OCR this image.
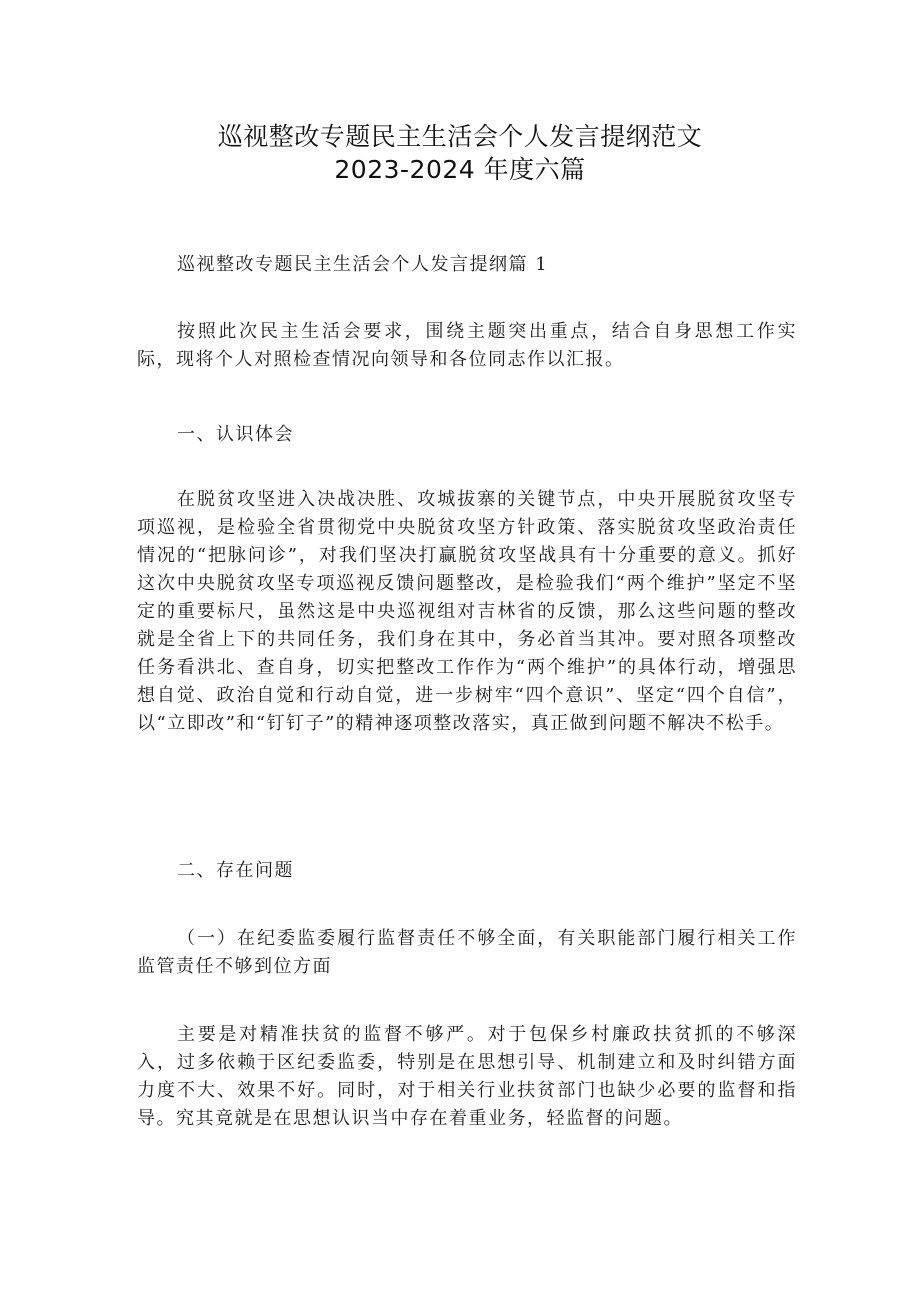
巡视整改专题民主生活会个人发言提纲范文
2023-2024 年度六篇

巡视整改专题民主生活会个人发言提纲篇 1

按照此次民主生活会要求，围绕主题突出重点，结合自身思想工作实际，现将个人对照检查情况向领导和各位同志作以汇报。

一、认识体会

在脱贫攻坚进入决战决胜、攻城拔寨的关键节点，中央开展脱贫攻坚专项巡视，是检验全省贯彻党中央脱贫攻坚方针政策、落实脱贫攻坚政治责任情况的“把脉问诊”，对我们坚决打赢脱贫攻坚战具有十分重要的意义。抓好这次中央脱贫攻坚专项巡视反馈问题整改，是检验我们“两个维护”坚定不坚定的重要标尺，虽然这是中央巡视组对吉林省的反馈，那么这些问题的整改就是全省上下的共同任务，我们身在其中，务必首当其冲。要对照各项整改任务看洪北、查自身，切实把整改工作作为“两个维护”的具体行动，增强思想自觉、政治自觉和行动自觉，进一步树牢“四个意识”、坚定“四个自信”，以“立即改”和“钉钉子”的精神逐项整改落实，真正做到问题不解决不松手。

二、存在问题

（一）在纪委监委履行监督责任不够全面，有关职能部门履行相关工作监管责任不够到位方面

主要是对精准扶贫的监督不够严。对于包保乡村廉政扶贫抓的不够深入，过多依赖于区纪委监委，特别是在思想引导、机制建立和及时纠错方面力度不大、效果不好。同时，对于相关行业扶贫部门也缺少必要的监督和指导。究其竟就是在思想认识当中存在着重业务，轻监督的问题。
